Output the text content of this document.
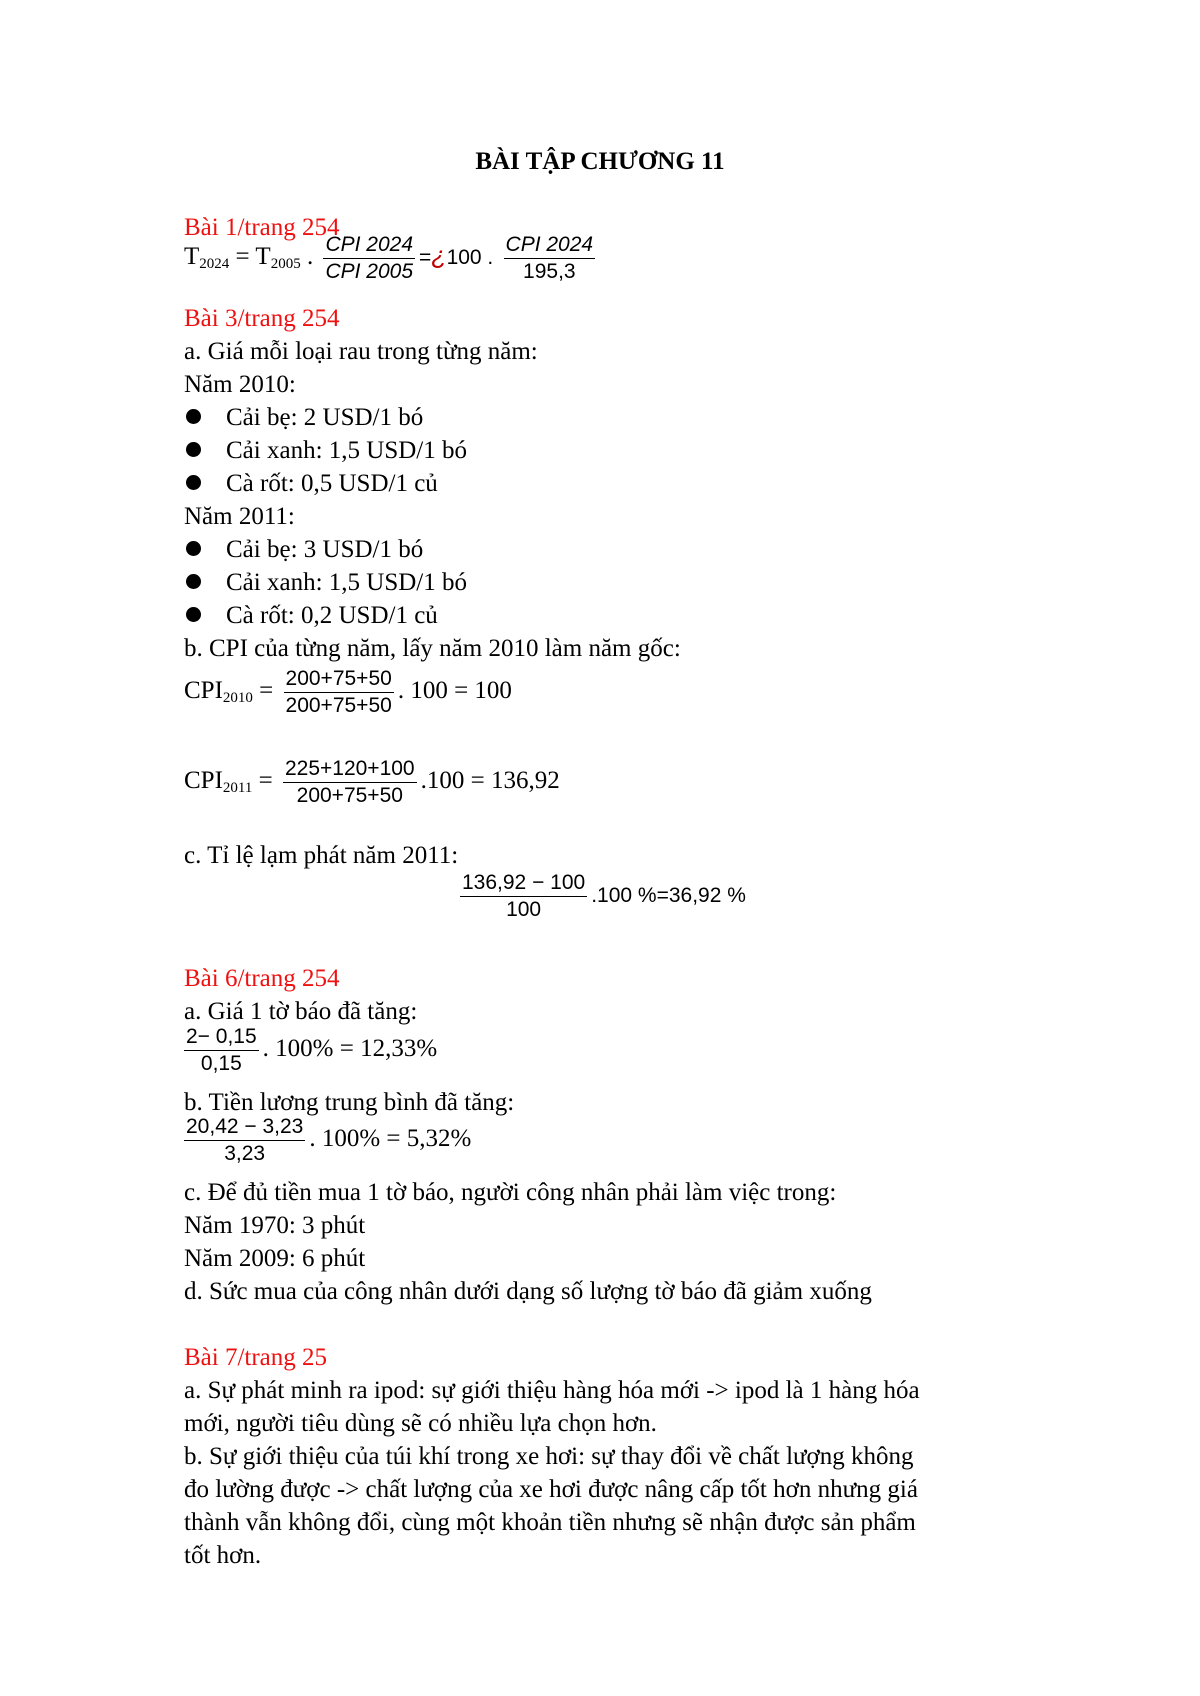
BÀI TẬP CHƯƠNG 11
Bài 1/trang 254
$T_{2024} = T_{2005}$ . $\frac{\text{CPI 2024}}{\text{CPI 2005}}$ =¿100 . $\frac{\text{CPI 2024}}{195,3}$
Bài 3/trang 254
a. Giá mỗi loại rau trong từng năm:
Năm 2010:
Cải bẹ: 2 USD/1 bó
Cải xanh: 1,5 USD/1 bó
Cà rốt: 0,5 USD/1 củ
Năm 2011:
Cải bẹ: 3 USD/1 bó
Cải xanh: 1,5 USD/1 bó
Cà rốt: 0,2 USD/1 củ
b. CPI của từng năm, lấy năm 2010 làm năm gốc:
$CPI_{2010} = \frac{200+75+50}{200+75+50}$ . 100 = 100
$CPI_{2011} = \frac{225+120+100}{200+75+50} .100 = 136,92$
c. Tỉ lệ lạm phát năm 2011:
$\frac{136,92 - 100}{100} .100$ %=36,92 %
Bài 6/trang 254
a. Giá 1 tờ báo đã tăng:
$\frac{2- 0,15}{0,15}$ . 100% = 12,33%
b. Tiền lương trung bình đã tăng:
$\frac{20,42 - 3,23}{3,23}$ . 100% = 5,32%
c. Để đủ tiền mua 1 tờ báo, người công nhân phải làm việc trong:
Năm 1970: 3 phút
Năm 2009: 6 phút
d. Sức mua của công nhân dưới dạng số lượng tờ báo đã giảm xuống
Bài 7/trang 25
a. Sự phát minh ra ipod: sự giới thiệu hàng hóa mới -> ipod là 1 hàng hóa
mới, người tiêu dùng sẽ có nhiều lựa chọn hơn.
b. Sự giới thiệu của túi khí trong xe hơi: sự thay đổi về chất lượng không
đo lường được -> chất lượng của xe hơi được nâng cấp tốt hơn nhưng giá
thành vẫn không đổi, cùng một khoản tiền nhưng sẽ nhận được sản phẩm
tốt hơn.
